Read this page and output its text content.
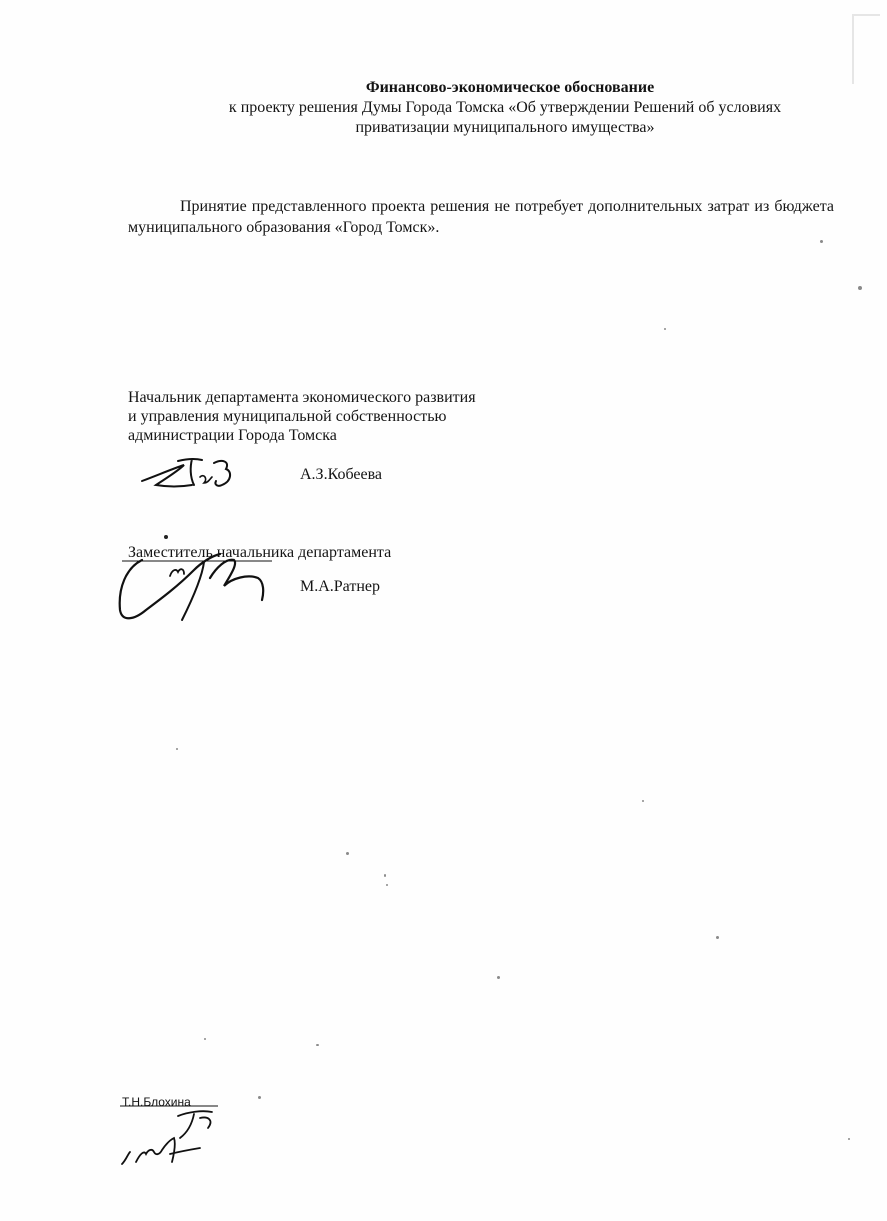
Финансово-экономическое обоснование
к проекту решения Думы Города Томска «Об утверждении Решений об условиях
приватизации муниципального имущества»
Принятие представленного проекта решения не потребует дополнительных затрат из бюджета муниципального образования «Город Томск».
Начальник департамента экономического развития
и управления муниципальной собственностью
администрации Города Томска
А.З.Кобеева
Заместитель начальника департамента
М.А.Ратнер
Т.Н.Блохина
